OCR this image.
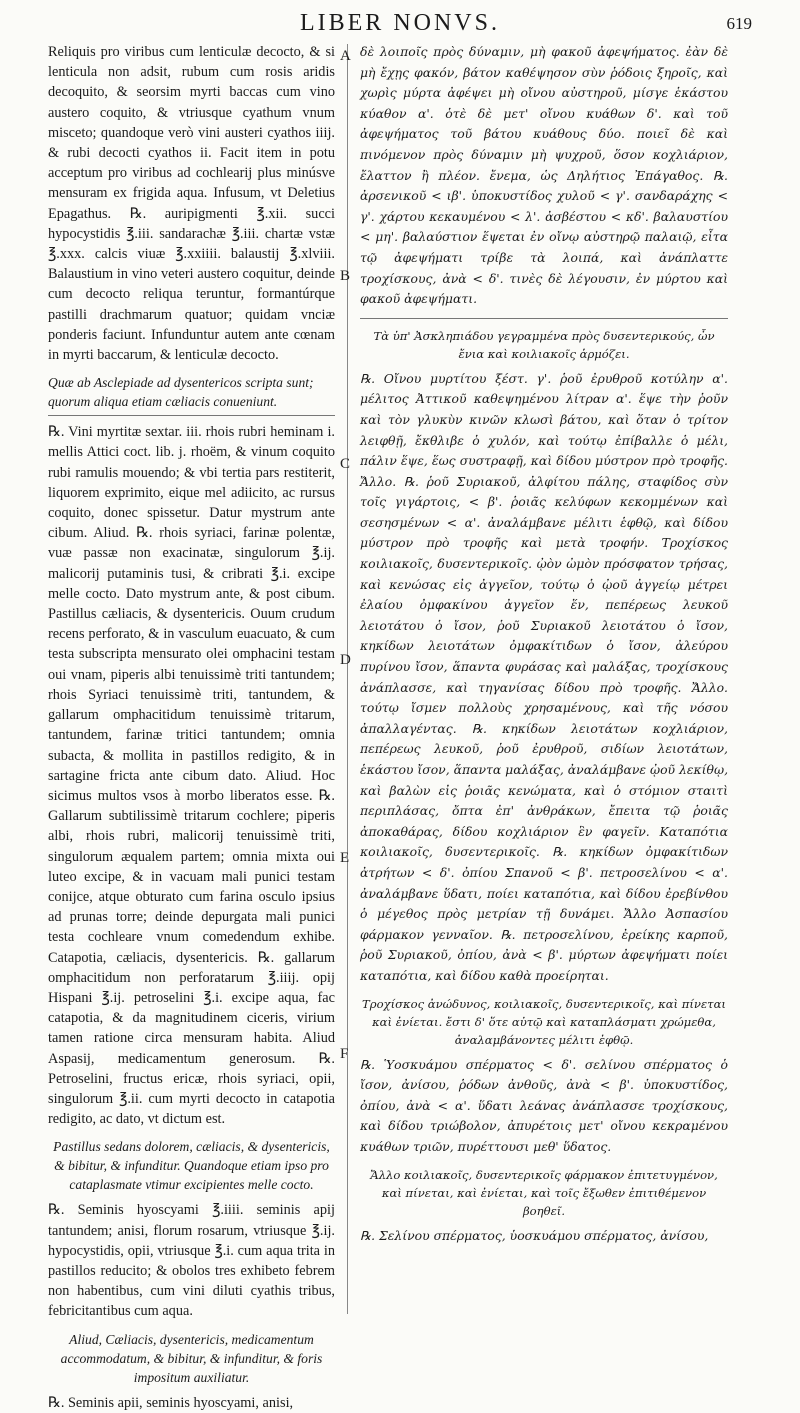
LIBER NONVS.	619
A
B
C
D
E
F

Reliquis pro viribus cum lenticulæ decocto, & si lenticula non adsit, rubum cum rosis aridis decoquito, & seorsim myrti baccas cum vino austero coquito, & vtriusque cyathum vnum misceto; quandoque verò vini austeri cyathos iiij. & rubi decocti cyathos ii. Facit item in potu acceptum pro viribus ad cochlearij plus minúsve mensuram ex frigida aqua. Infusum, vt Deletius Epagathus. ℞. auripigmenti ℥.xii. succi hypocystidis ℥.iii. sandarachæ ℥.iii. chartæ vstæ ℥.xxx. calcis viuæ ℥.xxiiii. balaustij ℥.xlviii. Balaustium in vino veteri austero coquitur, deinde cum decocto reliqua teruntur, formantúrque pastilli drachmarum quatuor; quidam vnciæ ponderis faciunt. Infunduntur autem ante cœnam in myrti baccarum, & lenticulæ decocto.

Quæ ab Asclepiade ad dysentericos scripta sunt; quorum aliqua etiam cæliacis conueniunt.

℞. Vini myrtitæ sextar. iii. rhois rubri heminam i. mellis Attici coct. lib. j. rhoëm, & vinum coquito rubi ramulis mouendo; & vbi tertia pars restiterit, liquorem exprimito, eique mel adiicito, ac rursus coquito, donec spissetur. Datur mystrum ante cibum. Aliud. ℞. rhois syriaci, farinæ polentæ, vuæ passæ non exacinatæ, singulorum ℥.ij. malicorij putaminis tusi, & cribrati ℥.i. excipe melle cocto. Dato mystrum ante, & post cibum. Pastillus cæliacis, & dysentericis. Ouum crudum recens perforato, & in vasculum euacuato, & cum testa subscripta mensurato olei omphacini testam oui vnam, piperis albi tenuissimè triti tantundem; rhois Syriaci tenuissimè triti, tantundem, & gallarum omphacitidum tenuissimè tritarum, tantundem, farinæ tritici tantundem; omnia subacta, & mollita in pastillos redigito, & in sartagine fricta ante cibum dato. Aliud. Hoc sicimus multos vsos à morbo liberatos esse. ℞. Gallarum subtilissimè tritarum cochlere; piperis albi, rhois rubri, malicorij tenuissimè triti, singulorum æqualem partem; omnia mixta oui luteo excipe, & in vacuam mali punici testam conijce, atque obturato cum farina osculo ipsius ad prunas torre; deinde depurgata mali punici testa cochleare vnum comedendum exhibe. Catapotia, cæliacis, dysentericis. ℞. gallarum omphacitidum non perforatarum ℥.iiij. opij Hispani ℥.ij. petroselini ℥.i. excipe aqua, fac catapotia, & da magnitudinem ciceris, virium tamen ratione circa mensuram habita. Aliud Aspasij, medicamentum generosum. ℞. Petroselini, fructus ericæ, rhois syriaci, opii, singulorum ℥.ii. cum myrti decocto in catapotia redigito, ac dato, vt dictum est.

Pastillus sedans dolorem, cæliacis, & dysentericis, & bibitur, & infunditur. Quandoque etiam ipso pro cataplasmate vtimur excipientes melle cocto.

℞. Seminis hyoscyami ℥.iiii. seminis apij tantundem; anisi, florum rosarum, vtriusque ℥.ij. hypocystidis, opii, vtriusque ℥.i. cum aqua trita in pastillos reducito; & obolos tres exhibeto febrem non habentibus, cum vini diluti cyathis tribus, febricitantibus cum aqua.

Aliud, Cæliacis, dysentericis, medicamentum accommodatum, & bibitur, & infunditur, & foris impositum auxiliatur.

℞. Seminis apii, seminis hyoscyami, anisi,

δὲ λοιποῖς πρὸς δύναμιν, μὴ φακοῦ ἀφεψήματος. ἐὰν δὲ μὴ ἔχῃς φακόν, βάτον καθέψησον σὺν ῥόδοις ξηροῖς, καὶ χωρὶς μύρτα ἀφέψει μὴ οἴνου αὐστηροῦ, μίσγε ἑκάστου κύαθον α'. ὁτὲ δὲ μετ' οἴνου κυάθων δ'. καὶ τοῦ ἀφεψήματος τοῦ βάτου κυάθους δύο. ποιεῖ δὲ καὶ πινόμενον πρὸς δύναμιν μὴ ψυχροῦ, ὅσον κοχλιάριον, ἔλαττον ἢ πλέον. ἔνεμα, ὡς Δηλήτιος Ἐπάγαθος. ℞. ἀρσενικοῦ < ιβ'. ὑποκυστίδος χυλοῦ < γ'. σανδαράχης < γ'. χάρτου κεκαυμένου < λ'. ἀσβέστου < κδ'. βαλαυστίου < μη'. βαλαύστιον ἕψεται ἐν οἴνῳ αὐστηρῷ παλαιῷ, εἶτα τῷ ἀφεψήματι τρίβε τὰ λοιπά, καὶ ἀνάπλαττε τροχίσκους, ἀνὰ < δ'. τινὲς δὲ λέγουσιν, ἐν μύρτου καὶ φακοῦ ἀφεψήματι.

Τὰ ὑπ' Ἀσκληπιάδου γεγραμμένα πρὸς δυσεντερικούς, ὧν ἔνια καὶ κοιλιακοῖς ἁρμόζει.

℞. Οἴνου μυρτίτου ξέστ. γ'. ῥοῦ ἐρυθροῦ κοτύλην α'. μέλιτος Ἀττικοῦ καθεψημένου λίτραν α'. ἕψε τὴν ῥοῦν καὶ τὸν γλυκὺν κινῶν κλωσὶ βάτου, καὶ ὅταν ὁ τρίτον λειφθῇ, ἔκθλιβε ὁ χυλόν, καὶ τούτῳ ἐπίβαλλε ὁ μέλι, πάλιν ἕψε, ἕως συστραφῇ, καὶ δίδου μύστρον πρὸ τροφῆς. Ἄλλο. ℞. ῥοῦ Συριακοῦ, ἀλφίτου πάλης, σταφίδος σὺν τοῖς γιγάρτοις, < β'. ῥοιᾶς κελύφων κεκομμένων καὶ σεσησμένων < α'. ἀναλάμβανε μέλιτι ἑφθῷ, καὶ δίδου μύστρον πρὸ τροφῆς καὶ μετὰ τροφήν. Τροχίσκος κοιλιακοῖς, δυσεντερικοῖς. ᾠὸν ὠμὸν πρόσφατον τρήσας, καὶ κενώσας εἰς ἀγγεῖον, τούτῳ ὁ ᾠοῦ ἀγγείῳ μέτρει ἐλαίου ὀμφακίνου ἀγγεῖον ἕν, πεπέρεως λευκοῦ λειοτάτου ὁ ἴσον, ῥοῦ Συριακοῦ λειοτάτου ὁ ἴσον, κηκίδων λειοτάτων ὀμφακίτιδων ὁ ἴσον, ἀλεύρου πυρίνου ἴσον, ἅπαντα φυράσας καὶ μαλάξας, τροχίσκους ἀνάπλασσε, καὶ τηγανίσας δίδου πρὸ τροφῆς. Ἄλλο. τούτῳ ἴσμεν πολλοὺς χρησαμένους, καὶ τῆς νόσου ἀπαλλαγέντας. ℞. κηκίδων λειοτάτων κοχλιάριον, πεπέρεως λευκοῦ, ῥοῦ ἐρυθροῦ, σιδίων λειοτάτων, ἑκάστου ἴσον, ἅπαντα μαλάξας, ἀναλάμβανε ᾠοῦ λεκίθῳ, καὶ βαλὼν εἰς ῥοιᾶς κενώματα, καὶ ὁ στόμιον σταιτὶ περιπλάσας, ὄπτα ἐπ' ἀνθράκων, ἔπειτα τῷ ῥοιᾶς ἀποκαθάρας, δίδου κοχλιάριον ἓν φαγεῖν. Καταπότια κοιλιακοῖς, δυσεντερικοῖς. ℞. κηκίδων ὀμφακίτιδων ἀτρήτων < δ'. ὀπίου Σπανοῦ < β'. πετροσελίνου < α'. ἀναλάμβανε ὕδατι, ποίει καταπότια, καὶ δίδου ἐρεβίνθου ὁ μέγεθος πρὸς μετρίαν τῇ δυνάμει. Ἄλλο Ἀσπασίου φάρμακον γενναῖον. ℞. πετροσελίνου, ἐρείκης καρποῦ, ῥοῦ Συριακοῦ, ὀπίου, ἀνὰ < β'. μύρτων ἀφεψήματι ποίει καταπότια, καὶ δίδου καθὰ προείρηται.

Τροχίσκος ἀνώδυνος, κοιλιακοῖς, δυσεντερικοῖς, καὶ πίνεται καὶ ἐνίεται. ἔστι δ' ὅτε αὐτῷ καὶ καταπλάσματι χρώμεθα, ἀναλαμβάνοντες μέλιτι ἑφθῷ.

℞. Ὑοσκυάμου σπέρματος < δ'. σελίνου σπέρματος ὁ ἴσον, ἀνίσου, ῥόδων ἀνθοῦς, ἀνὰ < β'. ὑποκυστίδος, ὀπίου, ἀνὰ < α'. ὕδατι λεάνας ἀνάπλασσε τροχίσκους, καὶ δίδου τριώβολον, ἀπυρέτοις μετ' οἴνου κεκραμένου κυάθων τριῶν, πυρέττουσι μεθ' ὕδατος.

Ἄλλο κοιλιακοῖς, δυσεντερικοῖς φάρμακον ἐπιτετυγμένον, καὶ πίνεται, καὶ ἐνίεται, καὶ τοῖς ἔξωθεν ἐπιτιθέμενον βοηθεῖ.

℞. Σελίνου σπέρματος, ὑοσκυάμου σπέρματος, ἀνίσου,
